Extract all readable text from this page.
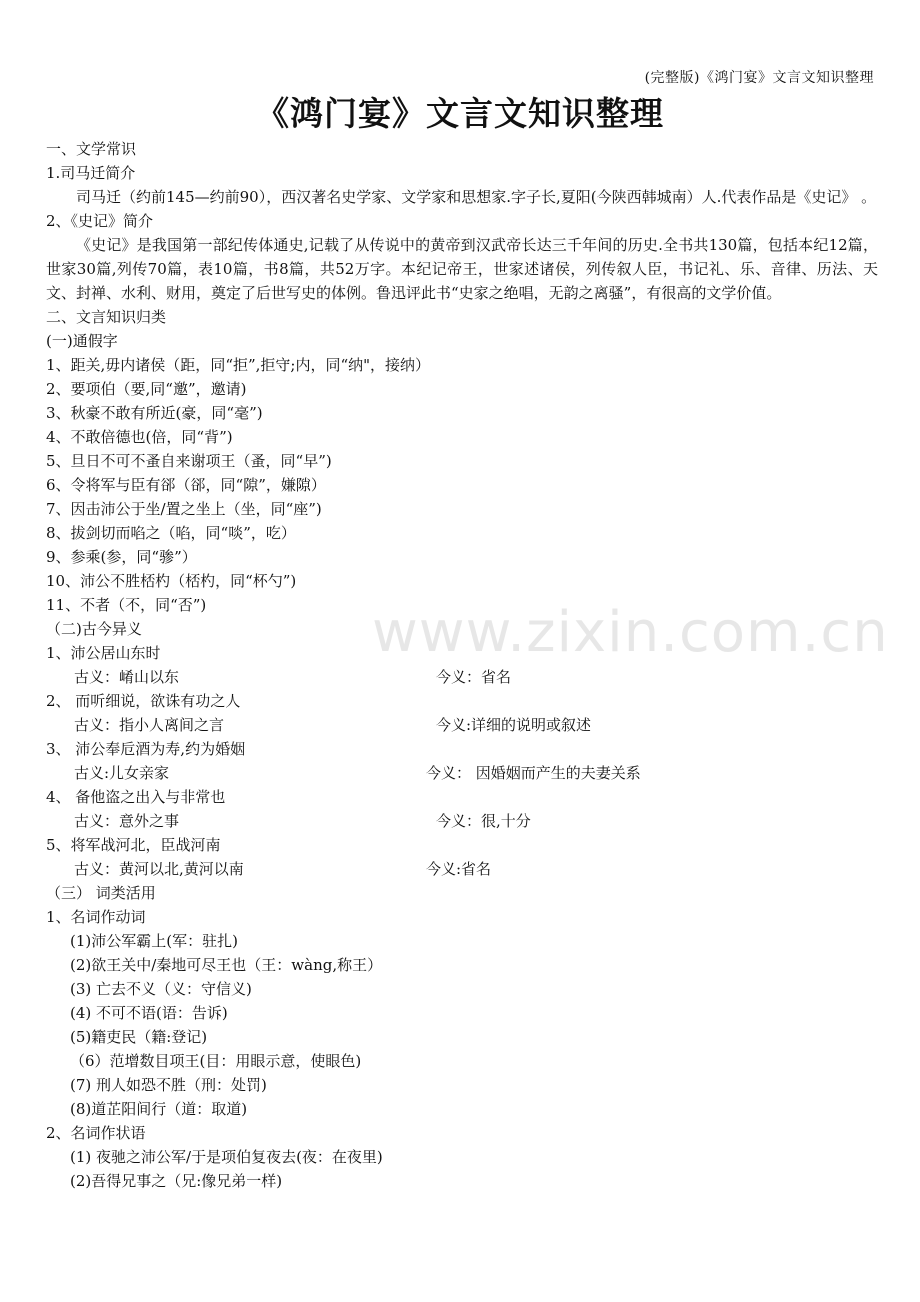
(完整版)《鸿门宴》文言文知识整理
《鸿门宴》文言文知识整理
www.zixin.com.cn
一、文学常识
1.司马迁简介
司马迁（约前145—约前90），西汉著名史学家、文学家和思想家.字子长,夏阳(今陕西韩城南）人.代表作品是《史记》 。
2、《史记》简介
《史记》是我国第一部纪传体通史,记载了从传说中的黄帝到汉武帝长达三千年间的历史.全书共130篇，包括本纪12篇，世家30篇,列传70篇，表10篇，书8篇，共52万字。本纪记帝王，世家述诸侯，列传叙人臣，书记礼、乐、音律、历法、天文、封禅、水利、财用，奠定了后世写史的体例。鲁迅评此书“史家之绝唱，无韵之离骚”，有很高的文学价值。
二、文言知识归类
(一)通假字
1、距关,毋内诸侯（距，同“拒”,拒守;内，同“纳"，接纳）
2、要项伯（要,同“邀”，邀请)
3、秋豪不敢有所近(豪，同“毫”)
4、不敢倍德也(倍，同“背”)
5、旦日不可不蚤自来谢项王（蚤，同“早”)
6、令将军与臣有郤（郤，同“隙”，嫌隙）
7、因击沛公于坐/置之坐上（坐，同“座”)
8、拔剑切而啗之（啗，同“啖”，吃）
9、参乘(参，同“骖”）
10、沛公不胜桮杓（桮杓，同“杯勺”)
11、不者（不，同“否”)
（二)古今异义
1、沛公居山东时
古义：崤山以东	今义：省名
2、 而听细说，欲诛有功之人
古义：指小人离间之言	今义:详细的说明或叙述
3、 沛公奉卮酒为寿,约为婚姻
古义:儿女亲家	今义： 因婚姻而产生的夫妻关系
4、 备他盗之出入与非常也
古义：意外之事	今义：很,十分
5、将军战河北，臣战河南
古义：黄河以北,黄河以南	今义:省名
（三） 词类活用
1、名词作动词
(1)沛公军霸上(军：驻扎)
(2)欲王关中/秦地可尽王也（王：wàng,称王）
(3) 亡去不义（义：守信义)
(4) 不可不语(语：告诉)
(5)籍吏民（籍:登记)
（6）范增数目项王(目：用眼示意，使眼色)
(7) 刑人如恐不胜（刑：处罚)
(8)道芷阳间行（道：取道)
2、名词作状语
(1) 夜驰之沛公军/于是项伯复夜去(夜：在夜里)
(2)吾得兄事之（兄:像兄弟一样)
